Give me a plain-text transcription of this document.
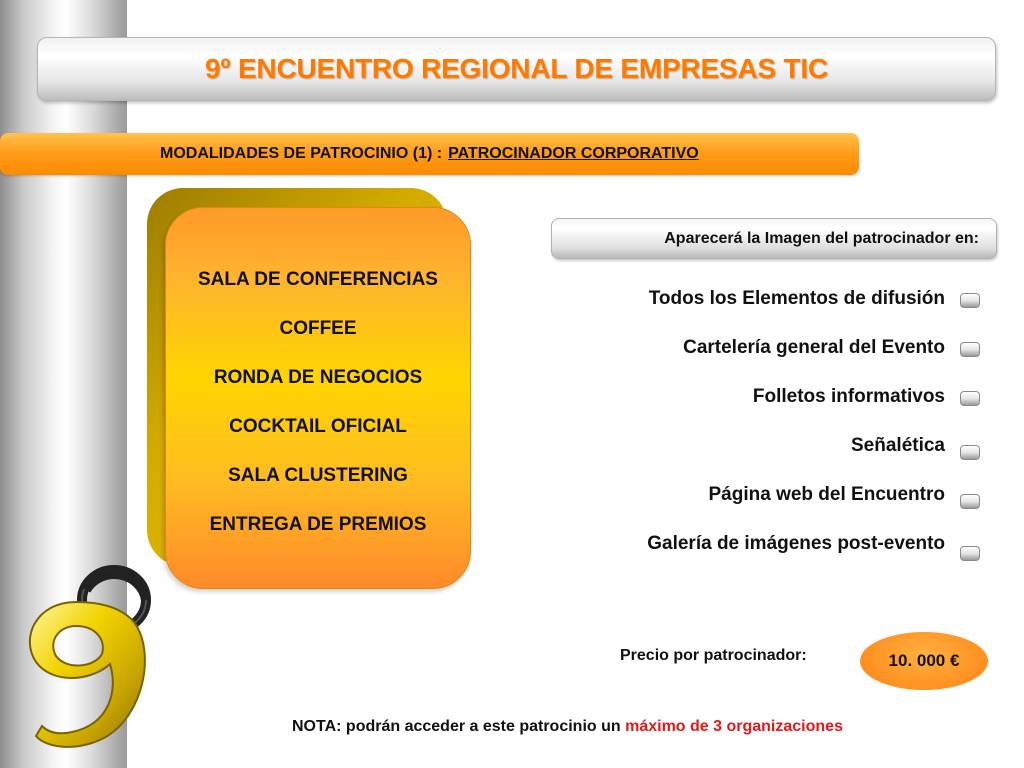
9º ENCUENTRO REGIONAL DE EMPRESAS TIC
MODALIDADES DE PATROCINIO (1) : PATROCINADOR CORPORATIVO
SALA DE CONFERENCIAS
COFFEE
RONDA DE NEGOCIOS
COCKTAIL OFICIAL
SALA CLUSTERING
ENTREGA DE PREMIOS
Aparecerá la Imagen del patrocinador en:
Todos los Elementos de difusión
Cartelería general del Evento
Folletos informativos
Señalética
Página web del Encuentro
Galería de imágenes post-evento
Precio por patrocinador:	10. 000 €
NOTA: podrán acceder a este patrocinio un máximo de 3 organizaciones
